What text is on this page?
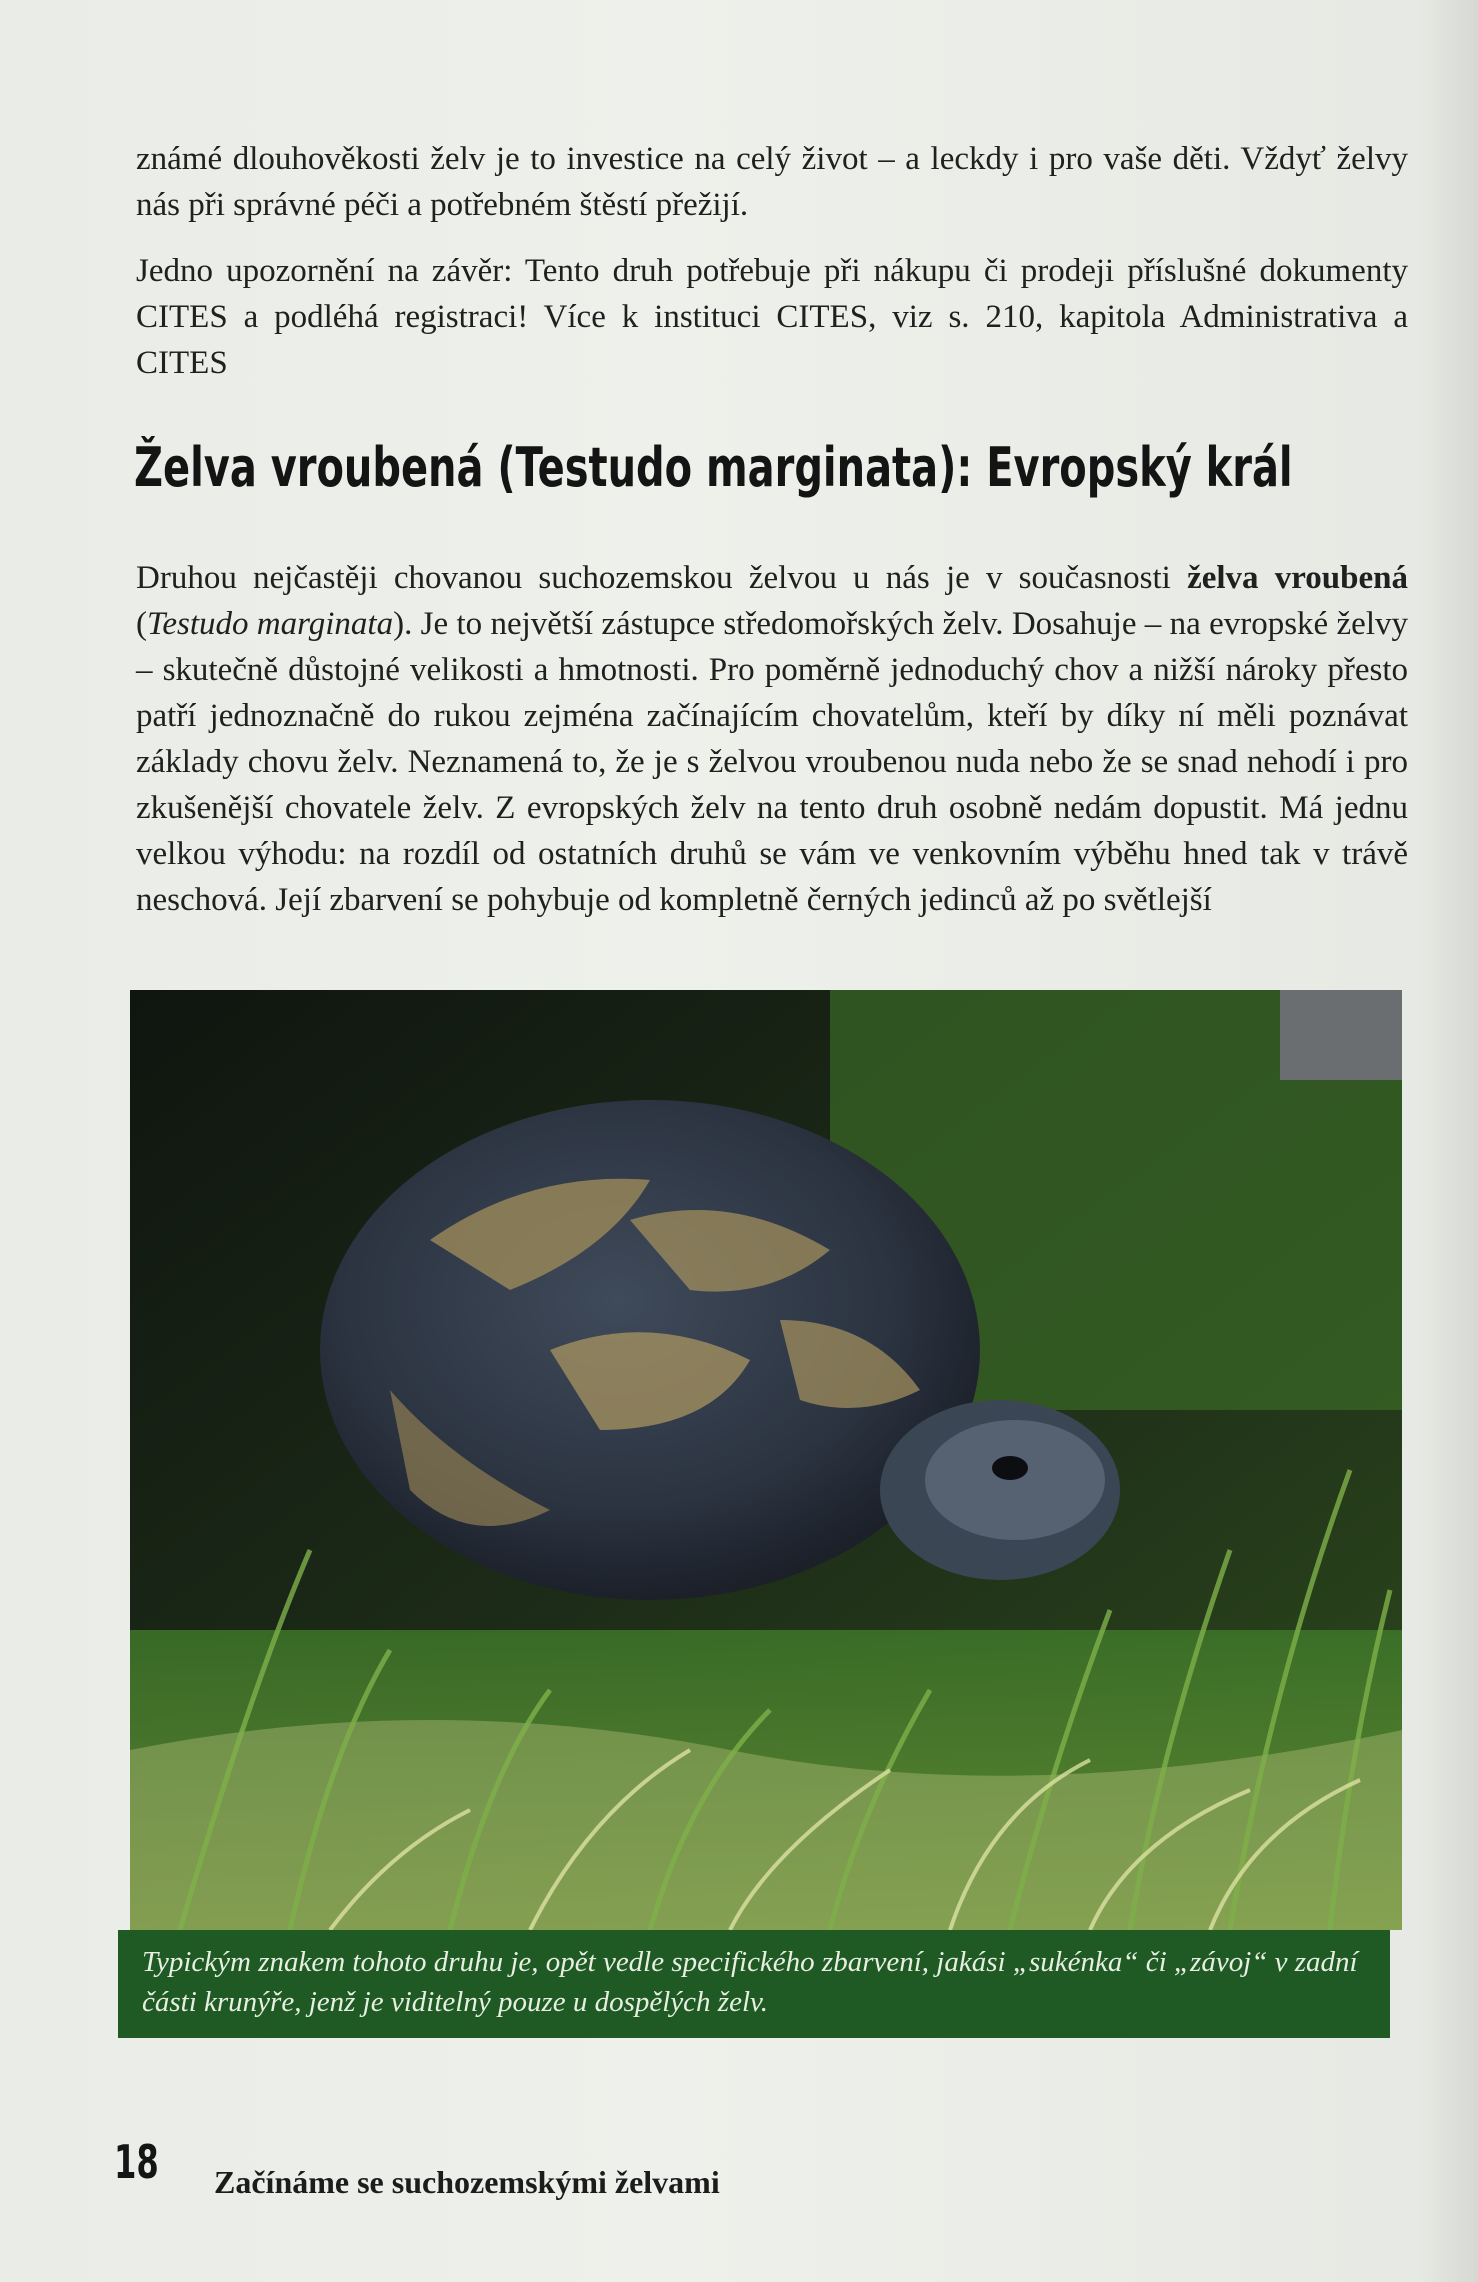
známé dlouhověkosti želv je to investice na celý život – a leckdy i pro vaše děti. Vždyť želvy nás při správné péči a potřebném štěstí přežijí.

Jedno upozornění na závěr: Tento druh potřebuje při nákupu či prodeji příslušné dokumenty CITES a podléhá registraci! Více k instituci CITES, viz s. 210, kapitola Administrativa a CITES

Želva vroubená (Testudo marginata): Evropský král

Druhou nejčastěji chovanou suchozemskou želvou u nás je v současnosti želva vroubená (Testudo marginata). Je to největší zástupce středomořských želv. Dosahuje – na evropské želvy – skutečně důstojné velikosti a hmotnosti. Pro poměrně jednoduchý chov a nižší nároky přesto patří jednoznačně do rukou zejména začínajícím chovatelům, kteří by díky ní měli poznávat základy chovu želv. Neznamená to, že je s želvou vroubenou nuda nebo že se snad nehodí i pro zkušenější chovatele želv. Z evropských želv na tento druh osobně nedám dopustit. Má jednu velkou výhodu: na rozdíl od ostatních druhů se vám ve venkovním výběhu hned tak v trávě neschová. Její zbarvení se pohybuje od kompletně černých jedinců až po světlejší

Typickým znakem tohoto druhu je, opět vedle specifického zbarvení, jakási „sukénka“ či „závoj“ v zadní části krunýře, jenž je viditelný pouze u dospělých želv.
18 Začínáme se suchozemskými želvami
